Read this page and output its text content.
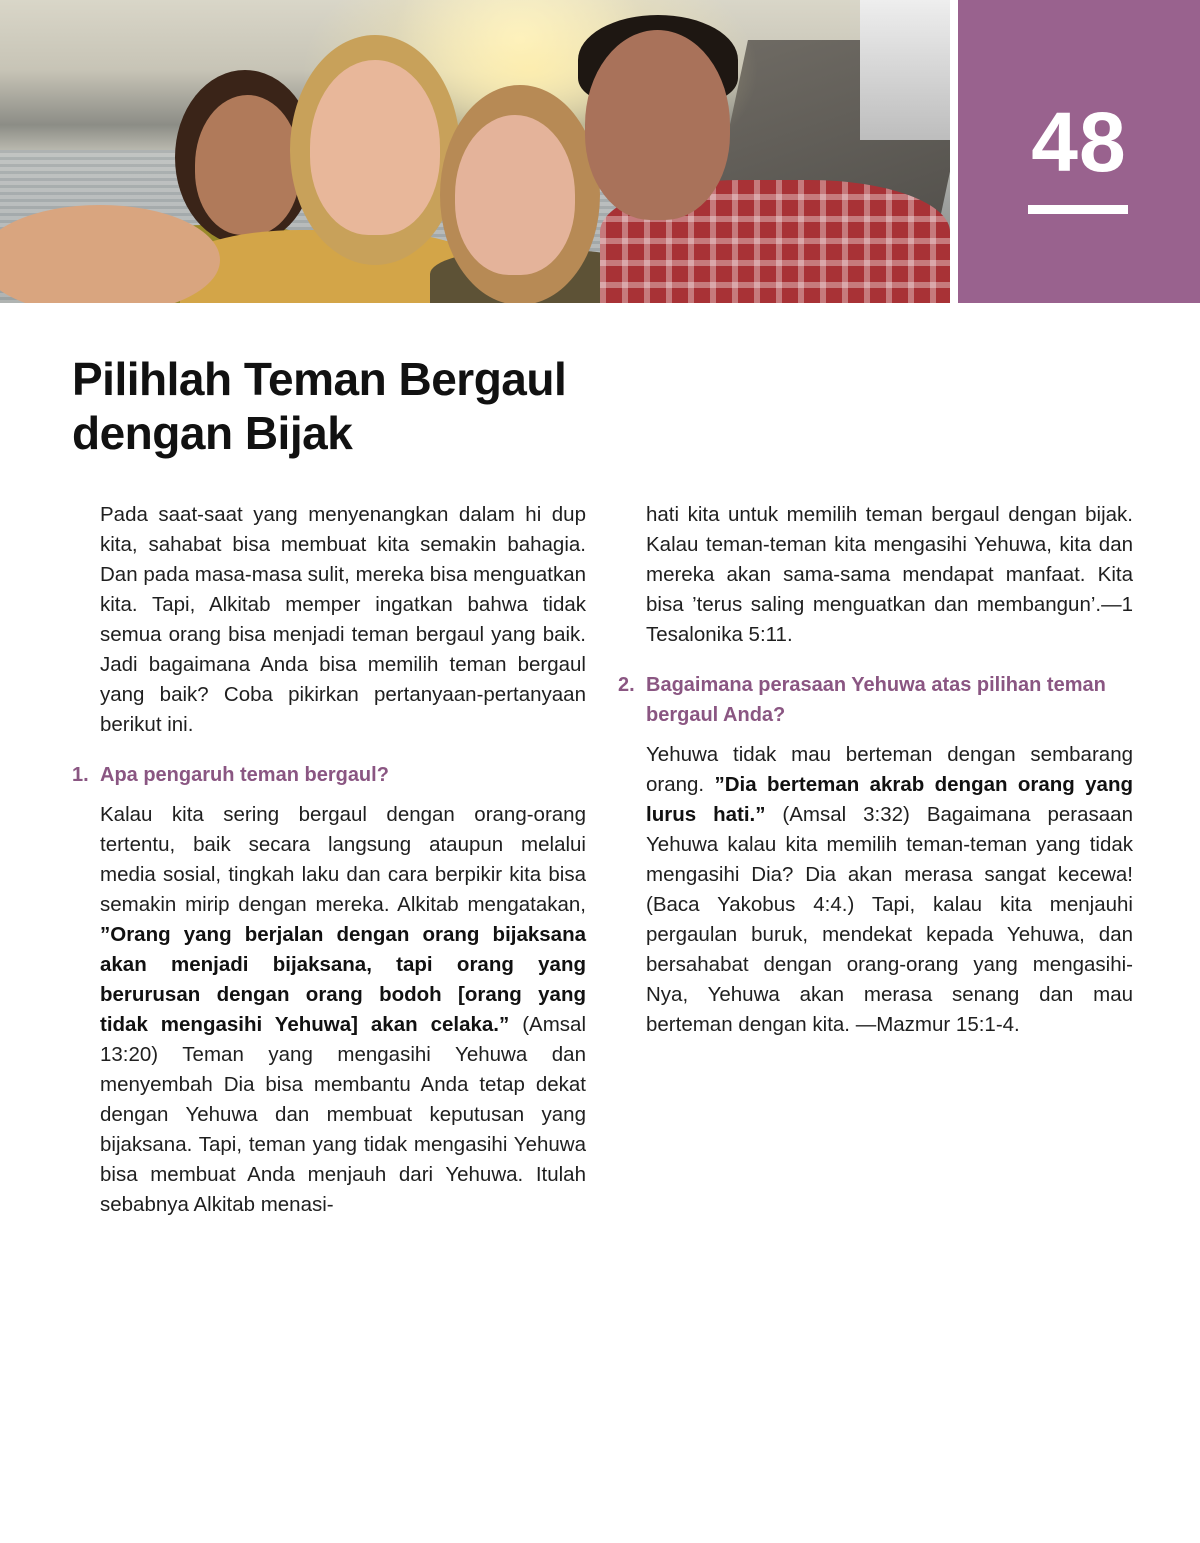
48
Pilihlah Teman Bergaul
dengan Bijak

Pada saat-saat yang menyenangkan dalam hi dup kita, sahabat bisa membuat kita semakin bahagia. Dan pada masa-masa sulit, mereka bisa menguatkan kita. Tapi, Alkitab memper ingatkan bahwa tidak semua orang bisa menjadi teman bergaul yang baik. Jadi bagaimana Anda bisa memilih teman bergaul yang baik? Coba pikirkan pertanyaan-pertanyaan berikut ini.

1. Apa pengaruh teman bergaul?

Kalau kita sering bergaul dengan orang-orang tertentu, baik secara langsung ataupun melalui media sosial, tingkah laku dan cara berpikir kita bisa semakin mirip dengan mereka. Alkitab mengatakan, ”Orang yang berjalan dengan orang bijaksana akan menjadi bijaksana, tapi orang yang berurusan dengan orang bodoh [orang yang tidak mengasihi Yehuwa] akan celaka.” (Amsal 13:20) Teman yang mengasihi Yehuwa dan menyembah Dia bisa membantu Anda tetap dekat dengan Yehuwa dan membuat keputusan yang bijaksana. Tapi, teman yang tidak mengasihi Yehuwa bisa membuat Anda menjauh dari Yehuwa. Itulah sebabnya Alkitab menasi-

hati kita untuk memilih teman bergaul dengan bijak. Kalau teman-teman kita mengasihi Yehuwa, kita dan mereka akan sama-sama mendapat manfaat. Kita bisa ’terus saling menguatkan dan membangun’.—1 Tesalonika 5:11.

2. Bagaimana perasaan Yehuwa atas pilihan teman bergaul Anda?

Yehuwa tidak mau berteman dengan sembarang orang. ”Dia berteman akrab dengan orang yang lurus hati.” (Amsal 3:32) Bagaimana perasaan Yehuwa kalau kita memilih teman-teman yang tidak mengasihi Dia? Dia akan merasa sangat kecewa! (Baca Yakobus 4:4.) Tapi, kalau kita menjauhi pergaulan buruk, mendekat kepada Yehuwa, dan bersahabat dengan orang-orang yang mengasihi-Nya, Yehuwa akan merasa senang dan mau berteman dengan kita. —Mazmur 15:1-4.
